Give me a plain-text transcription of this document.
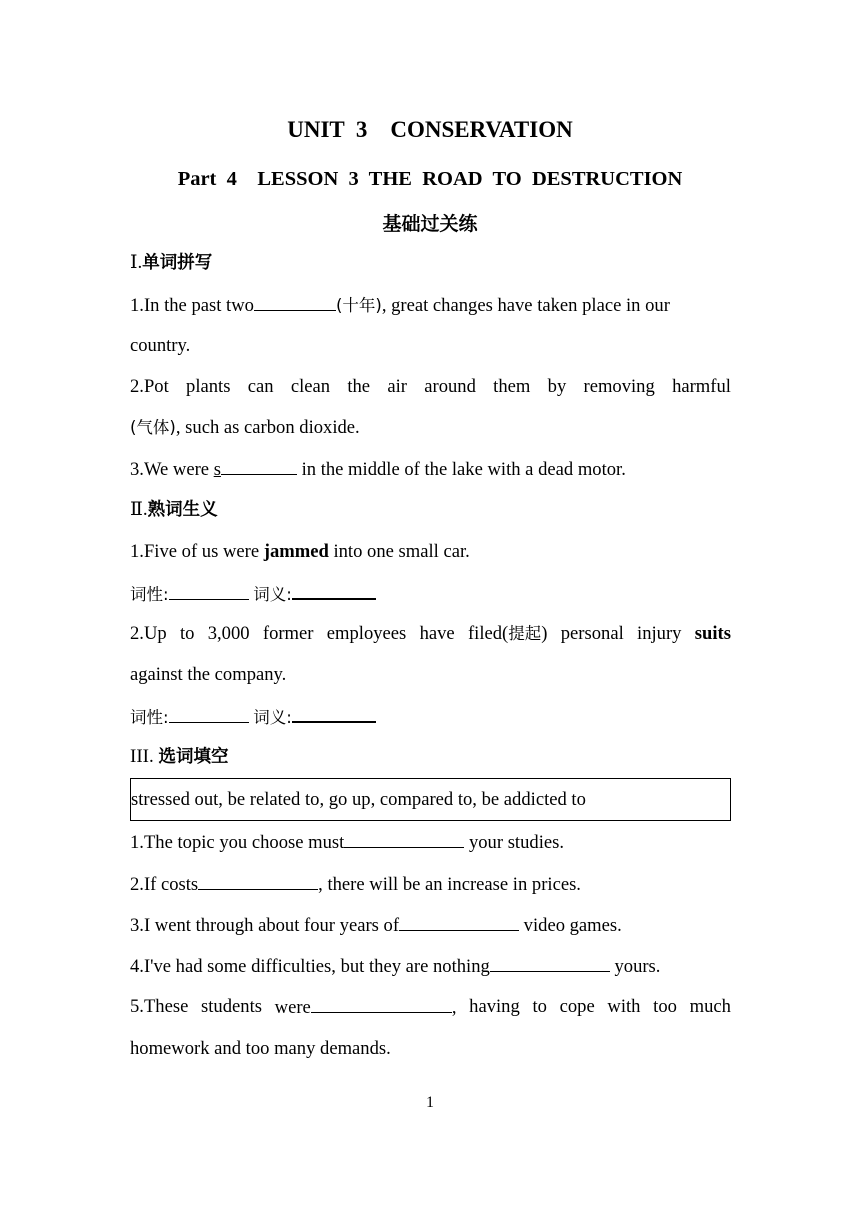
UNIT  3    CONSERVATION
Part  4    LESSON  3  THE  ROAD  TO  DESTRUCTION
基础过关练
Ⅰ.单词拼写
1.In the past two	(十年), great changes have taken place in our
country.
2.Pot plants can clean the air around them by removing harmful
(气体), such as carbon dioxide.
3.We were s	in the middle of the lake with a dead motor.
Ⅱ.熟词生义
1.Five of us were jammed into one small car.
词性:	词义:
2.Up to 3,000 former employees have filed(提起) personal injury suits
against the company.
词性:	词义:
III. 选词填空
stressed out, be related to, go up, compared to, be addicted to
1.The topic you choose must	your studies.
2.If costs	, there will be an increase in prices.
3.I went through about four years of	video games.
4.I've had some difficulties, but they are nothing	yours.
5.These students were	, having to cope with too much
homework and too many demands.
1
